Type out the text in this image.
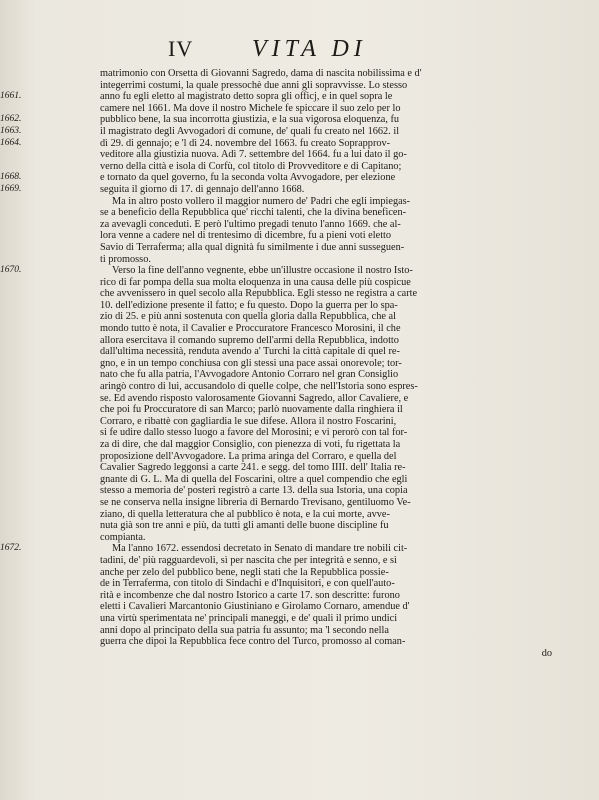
IV VITA DI
matrimonio con Orsetta di Giovanni Sagredo, dama di nascita nobilissima e d'
integerrimi costumi, la quale pressochè due anni gli sopravvisse. Lo stesso
1661.	anno fu egli eletto al magistrato detto sopra gli officj, e in quel sopra le
camere nel 1661. Ma dove il nostro Michele fe spiccare il suo zelo per lo
1662.	pubblico bene, la sua incorrotta giustizia, e la sua vigorosa eloquenza, fu
1663.	il magistrato degli Avvogadori di comune, de' quali fu creato nel 1662. il
1664.	dì 29. di gennajo; e 'l dì 24. novembre del 1663. fu creato Soprapprov-
veditore alla giustizia nuova. Adì 7. settembre del 1664. fu a lui dato il go-
verno della città e isola di Corfù, col titolo di Provveditore e di Capitano;
1668.	e tornato da quel governo, fu la seconda volta Avvogadore, per elezione
1669.	seguita il giorno di 17. di gennajo dell'anno 1668.
Ma in altro posto vollero il maggior numero de' Padri che egli impiegas-
se a beneficio della Repubblica que' ricchi talenti, che la divina beneficen-
za avevagli conceduti. E però l'ultimo pregadi tenuto l'anno 1669. che al-
lora venne a cadere nel di trentesimo di dicembre, fu a pieni voti eletto
Savio di Terraferma; alla qual dignità fu similmente i due anni susseguen-
ti promosso.
1670.	Verso la fine dell'anno vegnente, ebbe un'illustre occasione il nostro Isto-
rico di far pompa della sua molta eloquenza in una causa delle più cospicue
che avvenissero in quel secolo alla Repubblica. Egli stesso ne registra a carte
10. dell'edizione presente il fatto; e fu questo. Dopo la guerra per lo spa-
zio di 25. e più anni sostenuta con quella gloria dalla Repubblica, che al
mondo tutto è nota, il Cavalier e Proccuratore Francesco Morosini, il che
allora esercitava il comando supremo dell'armi della Repubblica, indotto
dall'ultima necessità, renduta avendo a' Turchi la città capitale di quel re-
gno, e in un tempo conchiusa con gli stessi una pace assai onorevole; tor-
nato che fu alla patria, l'Avvogadore Antonio Corraro nel gran Consiglio
aringò contro di lui, accusandolo di quelle colpe, che nell'Istoria sono espres-
se. Ed avendo risposto valorosamente Giovanni Sagredo, allor Cavaliere, e
che poi fu Proccuratore di san Marco; parlò nuovamente dalla ringhiera il
Corraro, e ribattè con gagliardia le sue difese. Allora il nostro Foscarini,
si fe udire dallo stesso luogo a favore del Morosini; e vi perorò con tal for-
za di dire, che dal maggior Consiglio, con pienezza di voti, fu rigettata la
proposizione dell'Avvogadore. La prima aringa del Corraro, e quella del
Cavalier Sagredo leggonsi a carte 241. e segg. del tomo IIII. dell' Italia re-
gnante di G. L. Ma di quella del Foscarini, oltre a quel compendio che egli
stesso a memoria de' posteri registrò a carte 13. della sua Istoria, una copia
se ne conserva nella insigne libreria di Bernardo Trevisano, gentiluomo Ve-
ziano, di quella letteratura che al pubblico è nota, e la cui morte, avve-
nuta già son tre anni e più, da tutti gli amanti delle buone discipline fu
compianta.
1672.	Ma l'anno 1672. essendosi decretato in Senato di mandare tre nobili cit-
tadini, de' più ragguardevoli, sì per nascita che per integrità e senno, e sì
anche per zelo del pubblico bene, negli stati che la Repubblica possie-
de in Terraferma, con titolo di Sindachi e d'Inquisitori, e con quell'auto-
rità e incombenze che dal nostro Istorico a carte 17. son descritte: furono
eletti i Cavalieri Marcantonio Giustiniano e Girolamo Cornaro, amendue d'
una virtù sperimentata ne' principali maneggi, e de' quali il primo undici
anni dopo al principato della sua patria fu assunto; ma 'l secondo nella
guerra che dipoi la Repubblica fece contro del Turco, promosso al coman-
do
